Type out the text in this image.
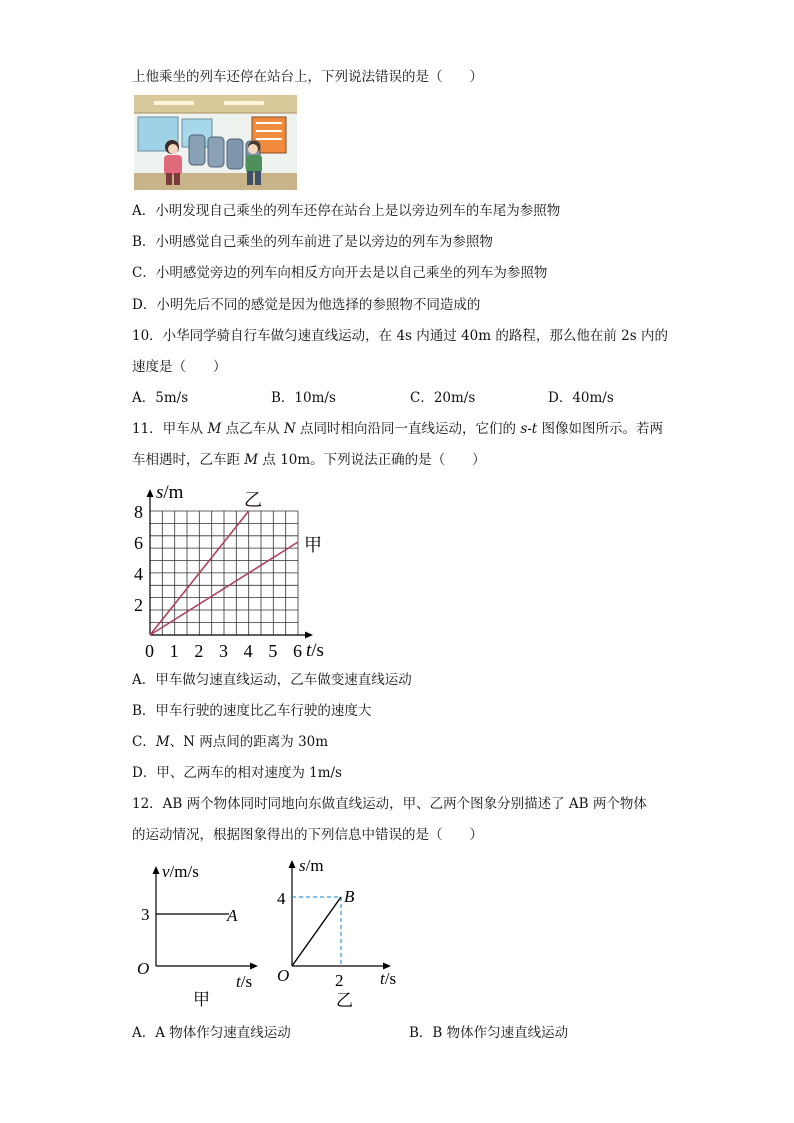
上他乘坐的列车还停在站台上，下列说法错误的是（　　）
A．小明发现自己乘坐的列车还停在站台上是以旁边列车的车尾为参照物
B．小明感觉自己乘坐的列车前进了是以旁边的列车为参照物
C．小明感觉旁边的列车向相反方向开去是以自己乘坐的列车为参照物
D．小明先后不同的感觉是因为他选择的参照物不同造成的
10．小华同学骑自行车做匀速直线运动，在 4s 内通过 40m 的路程，那么他在前 2s 内的
速度是（　　）
A．5m/s	B．10m/s	C．20m/s	D．40m/s
11．甲车从 M 点乙车从 N 点同时相向沿同一直线运动，它们的 s-t 图像如图所示。若两
车相遇时，乙车距 M 点 10m。下列说法正确的是（　　）
s/m
t/s
0 1 2 3 4 5 6
2
4
6
8
乙
甲
A．甲车做匀速直线运动，乙车做变速直线运动
B．甲车行驶的速度比乙车行驶的速度大
C．M、N 两点间的距离为 30m
D．甲、乙两车的相对速度为 1m/s
12．AB 两个物体同时同地向东做直线运动，甲、乙两个图象分别描述了 AB 两个物体
的运动情况，根据图象得出的下列信息中错误的是（　　）
v/m/s
3	A
O
t/s
甲
s/m
4	B
O	2 t/s
乙
A．A 物体作匀速直线运动	B．B 物体作匀速直线运动
